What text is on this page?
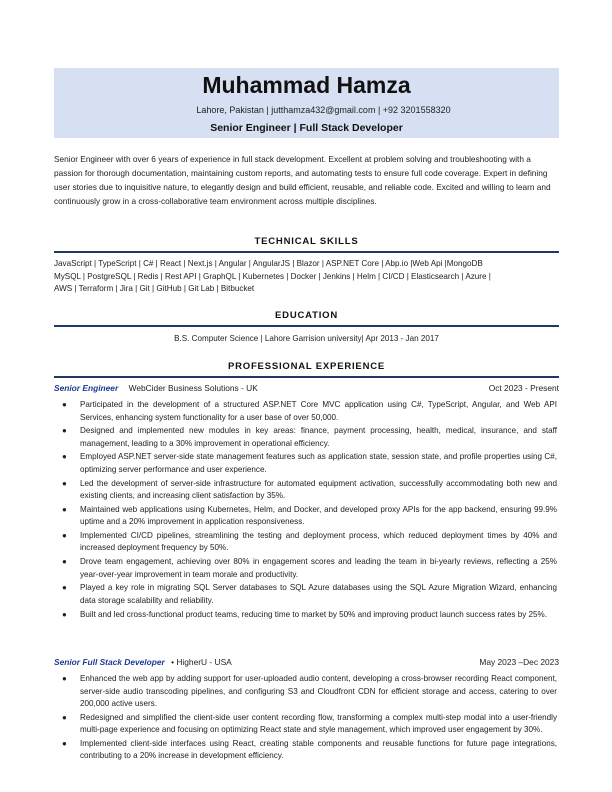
Muhammad Hamza
Lahore, Pakistan | jutthamza432@gmail.com | +92 3201558320
Senior Engineer | Full Stack Developer
Senior Engineer with over 6 years of experience in full stack development. Excellent at problem solving and troubleshooting with a passion for thorough documentation, maintaining custom reports, and automating tests to ensure full code coverage. Expert in defining user stories due to inquisitive nature, to elegantly design and build efficient, reusable, and reliable code. Excited and willing to learn and continuously grow in a cross-collaborative team environment across multiple disciplines.
TECHNICAL SKILLS
JavaScript | TypeScript | C# | React | Next.js | Angular | AngularJS | Blazor | ASP.NET Core | Abp.io |Web Api |MongoDB
MySQL | PostgreSQL | Redis | Rest API | GraphQL | Kubernetes | Docker | Jenkins | Helm | CI/CD | Elasticsearch | Azure |
AWS | Terraform | Jira | Git | GitHub | Git Lab | Bitbucket
EDUCATION
B.S. Computer Science | Lahore Garrision university| Apr 2013 - Jan 2017
PROFESSIONAL EXPERIENCE
Senior Engineer WebCider Business Solutions - UK	Oct 2023 - Present
● Participated in the development of a structured ASP.NET Core MVC application using C#, TypeScript, Angular, and Web API Services, enhancing system functionality for a user base of over 50,000.
● Designed and implemented new modules in key areas: finance, payment processing, health, medical, insurance, and staff management, leading to a 30% improvement in operational efficiency.
● Employed ASP.NET server-side state management features such as application state, session state, and profile properties using C#, optimizing server performance and user experience.
● Led the development of server-side infrastructure for automated equipment activation, successfully accommodating both new and existing clients, and increasing client satisfaction by 35%.
● Maintained web applications using Kubernetes, Helm, and Docker, and developed proxy APIs for the app backend, ensuring 99.9% uptime and a 20% improvement in application responsiveness.
● Implemented CI/CD pipelines, streamlining the testing and deployment process, which reduced deployment times by 40% and increased deployment frequency by 50%.
● Drove team engagement, achieving over 80% in engagement scores and leading the team in bi-yearly reviews, reflecting a 25% year-over-year improvement in team morale and productivity.
● Played a key role in migrating SQL Server databases to SQL Azure databases using the SQL Azure Migration Wizard, enhancing data storage scalability and reliability.
● Built and led cross-functional product teams, reducing time to market by 50% and improving product launch success rates by 25%.
Senior Full Stack Developer • HigherU - USA	May 2023 –Dec 2023
● Enhanced the web app by adding support for user-uploaded audio content, developing a cross-browser recording React component, server-side audio transcoding pipelines, and configuring S3 and Cloudfront CDN for efficient storage and access, catering to over 200,000 active users.
● Redesigned and simplified the client-side user content recording flow, transforming a complex multi-step modal into a user-friendly multi-page experience and focusing on optimizing React state and style management, which improved user engagement by 30%.
● Implemented client-side interfaces using React, creating stable components and reusable functions for future page integrations, contributing to a 20% increase in development efficiency.
